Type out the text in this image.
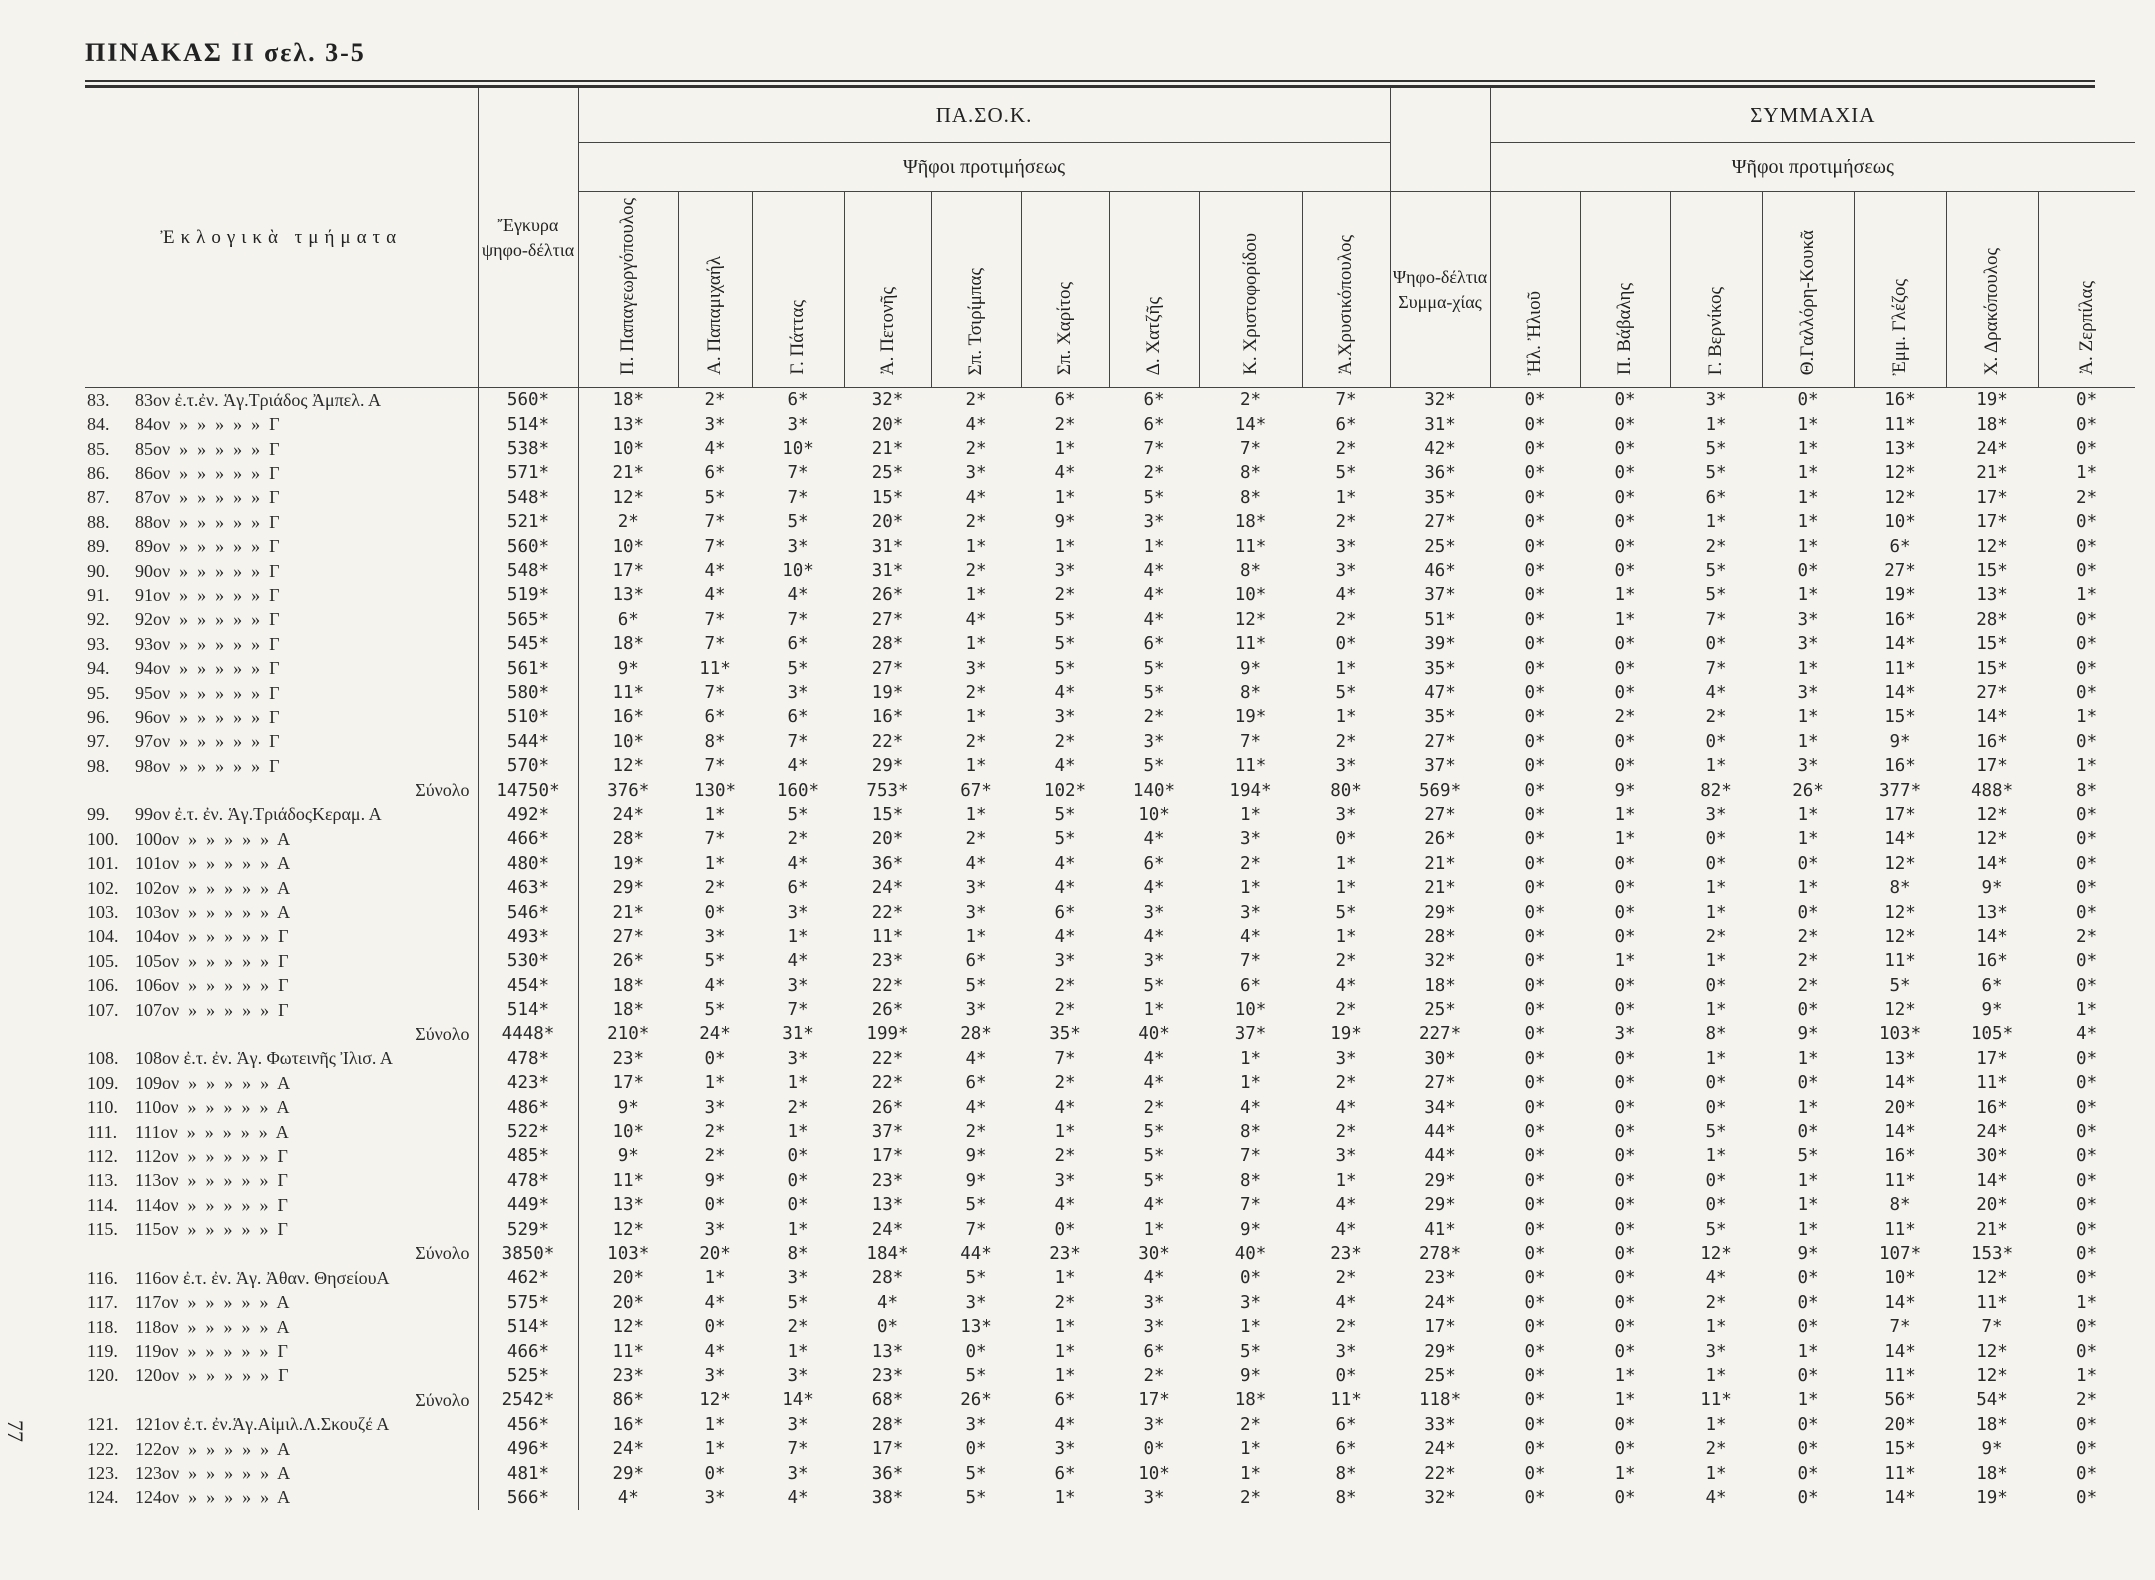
ΠΙΝΑΚΑΣ ΙΙ σελ. 3-5
77
Ἐκλογικὰ τμήματα	Ἔγκυρα ψηφο-δέλτια	ΠΑ.ΣΟ.Κ.										ΣΥΜΜΑΧΙΑ						
		Ψῆφοι προτιμήσεως										Ψῆφοι προτιμήσεως						
		Π. Παπαγεωργόπουλος	Α. Παπαμιχαήλ	Γ. Πάττας	Ἀ. Πετονῆς	Σπ. Τσιρίμπας	Σπ. Χαρίτος	Δ. Χατζῆς	Κ. Χριστοφορίδου	Ἀ.Χρυσικόπουλος	Ψηφο-δέλτια Συμμα-χίας	Ἠλ. Ἠλιοῦ	Π. Βάβαλης	Γ. Βερνίκος	Θ.Γαλλόρη-Κουκᾶ	Ἐμμ. Γλέζος	Χ. Δρακόπουλος	Ἀ. Ζερπίλας
83. 83ον ἐ.τ.ἐν. Ἁγ.Τριάδος Ἀμπελ. Α	560*	18*	2*	6*	32*	2*	6*	6*	2*	7*	32*	0*	0*	3*	0*	16*	19*	0*
84. 84ον  »  »  »  »  »  Γ	514*	13*	3*	3*	20*	4*	2*	6*	14*	6*	31*	0*	0*	1*	1*	11*	18*	0*
85. 85ον  »  »  »  »  »  Γ	538*	10*	4*	10*	21*	2*	1*	7*	7*	2*	42*	0*	0*	5*	1*	13*	24*	0*
86. 86ον  »  »  »  »  »  Γ	571*	21*	6*	7*	25*	3*	4*	2*	8*	5*	36*	0*	0*	5*	1*	12*	21*	1*
87. 87ον  »  »  »  »  »  Γ	548*	12*	5*	7*	15*	4*	1*	5*	8*	1*	35*	0*	0*	6*	1*	12*	17*	2*
88. 88ον  »  »  »  »  »  Γ	521*	2*	7*	5*	20*	2*	9*	3*	18*	2*	27*	0*	0*	1*	1*	10*	17*	0*
89. 89ον  »  »  »  »  »  Γ	560*	10*	7*	3*	31*	1*	1*	1*	11*	3*	25*	0*	0*	2*	1*	6*	12*	0*
90. 90ον  »  »  »  »  »  Γ	548*	17*	4*	10*	31*	2*	3*	4*	8*	3*	46*	0*	0*	5*	0*	27*	15*	0*
91. 91ον  »  »  »  »  »  Γ	519*	13*	4*	4*	26*	1*	2*	4*	10*	4*	37*	0*	1*	5*	1*	19*	13*	1*
92. 92ον  »  »  »  »  »  Γ	565*	6*	7*	7*	27*	4*	5*	4*	12*	2*	51*	0*	1*	7*	3*	16*	28*	0*
93. 93ον  »  »  »  »  »  Γ	545*	18*	7*	6*	28*	1*	5*	6*	11*	0*	39*	0*	0*	0*	3*	14*	15*	0*
94. 94ον  »  »  »  »  »  Γ	561*	9*	11*	5*	27*	3*	5*	5*	9*	1*	35*	0*	0*	7*	1*	11*	15*	0*
95. 95ον  »  »  »  »  »  Γ	580*	11*	7*	3*	19*	2*	4*	5*	8*	5*	47*	0*	0*	4*	3*	14*	27*	0*
96. 96ον  »  »  »  »  »  Γ	510*	16*	6*	6*	16*	1*	3*	2*	19*	1*	35*	0*	2*	2*	1*	15*	14*	1*
97. 97ον  »  »  »  »  »  Γ	544*	10*	8*	7*	22*	2*	2*	3*	7*	2*	27*	0*	0*	0*	1*	9*	16*	0*
98. 98ον  »  »  »  »  »  Γ	570*	12*	7*	4*	29*	1*	4*	5*	11*	3*	37*	0*	0*	1*	3*	16*	17*	1*
Σύνολο	14750*	376*	130*	160*	753*	67*	102*	140*	194*	80*	569*	0*	9*	82*	26*	377*	488*	8*
99. 99ον ἐ.τ. ἐν. Ἁγ.ΤριάδοςΚεραμ. Α	492*	24*	1*	5*	15*	1*	5*	10*	1*	3*	27*	0*	1*	3*	1*	17*	12*	0*
100. 100ον  »  »  »  »  »  Α	466*	28*	7*	2*	20*	2*	5*	4*	3*	0*	26*	0*	1*	0*	1*	14*	12*	0*
101. 101ον  »  »  »  »  »  Α	480*	19*	1*	4*	36*	4*	4*	6*	2*	1*	21*	0*	0*	0*	0*	12*	14*	0*
102. 102ον  »  »  »  »  »  Α	463*	29*	2*	6*	24*	3*	4*	4*	1*	1*	21*	0*	0*	1*	1*	8*	9*	0*
103. 103ον  »  »  »  »  »  Α	546*	21*	0*	3*	22*	3*	6*	3*	3*	5*	29*	0*	0*	1*	0*	12*	13*	0*
104. 104ον  »  »  »  »  »  Γ	493*	27*	3*	1*	11*	1*	4*	4*	4*	1*	28*	0*	0*	2*	2*	12*	14*	2*
105. 105ον  »  »  »  »  »  Γ	530*	26*	5*	4*	23*	6*	3*	3*	7*	2*	32*	0*	1*	1*	2*	11*	16*	0*
106. 106ον  »  »  »  »  »  Γ	454*	18*	4*	3*	22*	5*	2*	5*	6*	4*	18*	0*	0*	0*	2*	5*	6*	0*
107. 107ον  »  »  »  »  »  Γ	514*	18*	5*	7*	26*	3*	2*	1*	10*	2*	25*	0*	0*	1*	0*	12*	9*	1*
Σύνολο	4448*	210*	24*	31*	199*	28*	35*	40*	37*	19*	227*	0*	3*	8*	9*	103*	105*	4*
108. 108ον ἐ.τ. ἐν. Ἁγ. Φωτεινῆς Ἰλισ. Α	478*	23*	0*	3*	22*	4*	7*	4*	1*	3*	30*	0*	0*	1*	1*	13*	17*	0*
109. 109ον  »  »  »  »  »  Α	423*	17*	1*	1*	22*	6*	2*	4*	1*	2*	27*	0*	0*	0*	0*	14*	11*	0*
110. 110ον  »  »  »  »  »  Α	486*	9*	3*	2*	26*	4*	4*	2*	4*	4*	34*	0*	0*	0*	1*	20*	16*	0*
111. 111ον  »  »  »  »  »  Α	522*	10*	2*	1*	37*	2*	1*	5*	8*	2*	44*	0*	0*	5*	0*	14*	24*	0*
112. 112ον  »  »  »  »  »  Γ	485*	9*	2*	0*	17*	9*	2*	5*	7*	3*	44*	0*	0*	1*	5*	16*	30*	0*
113. 113ον  »  »  »  »  »  Γ	478*	11*	9*	0*	23*	9*	3*	5*	8*	1*	29*	0*	0*	0*	1*	11*	14*	0*
114. 114ον  »  »  »  »  »  Γ	449*	13*	0*	0*	13*	5*	4*	4*	7*	4*	29*	0*	0*	0*	1*	8*	20*	0*
115. 115ον  »  »  »  »  »  Γ	529*	12*	3*	1*	24*	7*	0*	1*	9*	4*	41*	0*	0*	5*	1*	11*	21*	0*
Σύνολο	3850*	103*	20*	8*	184*	44*	23*	30*	40*	23*	278*	0*	0*	12*	9*	107*	153*	0*
116. 116ον ἐ.τ. ἐν. Ἁγ. Ἀθαν. ΘησείουΑ	462*	20*	1*	3*	28*	5*	1*	4*	0*	2*	23*	0*	0*	4*	0*	10*	12*	0*
117. 117ον  »  »  »  »  »  Α	575*	20*	4*	5*	4*	3*	2*	3*	3*	4*	24*	0*	0*	2*	0*	14*	11*	1*
118. 118ον  »  »  »  »  »  Α	514*	12*	0*	2*	0*	13*	1*	3*	1*	2*	17*	0*	0*	1*	0*	7*	7*	0*
119. 119ον  »  »  »  »  »  Γ	466*	11*	4*	1*	13*	0*	1*	6*	5*	3*	29*	0*	0*	3*	1*	14*	12*	0*
120. 120ον  »  »  »  »  »  Γ	525*	23*	3*	3*	23*	5*	1*	2*	9*	0*	25*	0*	1*	1*	0*	11*	12*	1*
Σύνολο	2542*	86*	12*	14*	68*	26*	6*	17*	18*	11*	118*	0*	1*	11*	1*	56*	54*	2*
121. 121ον ἐ.τ. ἐν.Ἁγ.Αἰμιλ.Λ.Σκουζέ Α	456*	16*	1*	3*	28*	3*	4*	3*	2*	6*	33*	0*	0*	1*	0*	20*	18*	0*
122. 122ον  »  »  »  »  »  Α	496*	24*	1*	7*	17*	0*	3*	0*	1*	6*	24*	0*	0*	2*	0*	15*	9*	0*
123. 123ον  »  »  »  »  »  Α	481*	29*	0*	3*	36*	5*	6*	10*	1*	8*	22*	0*	1*	1*	0*	11*	18*	0*
124. 124ον  »  »  »  »  »  Α	566*	4*	3*	4*	38*	5*	1*	3*	2*	8*	32*	0*	0*	4*	0*	14*	19*	0*
